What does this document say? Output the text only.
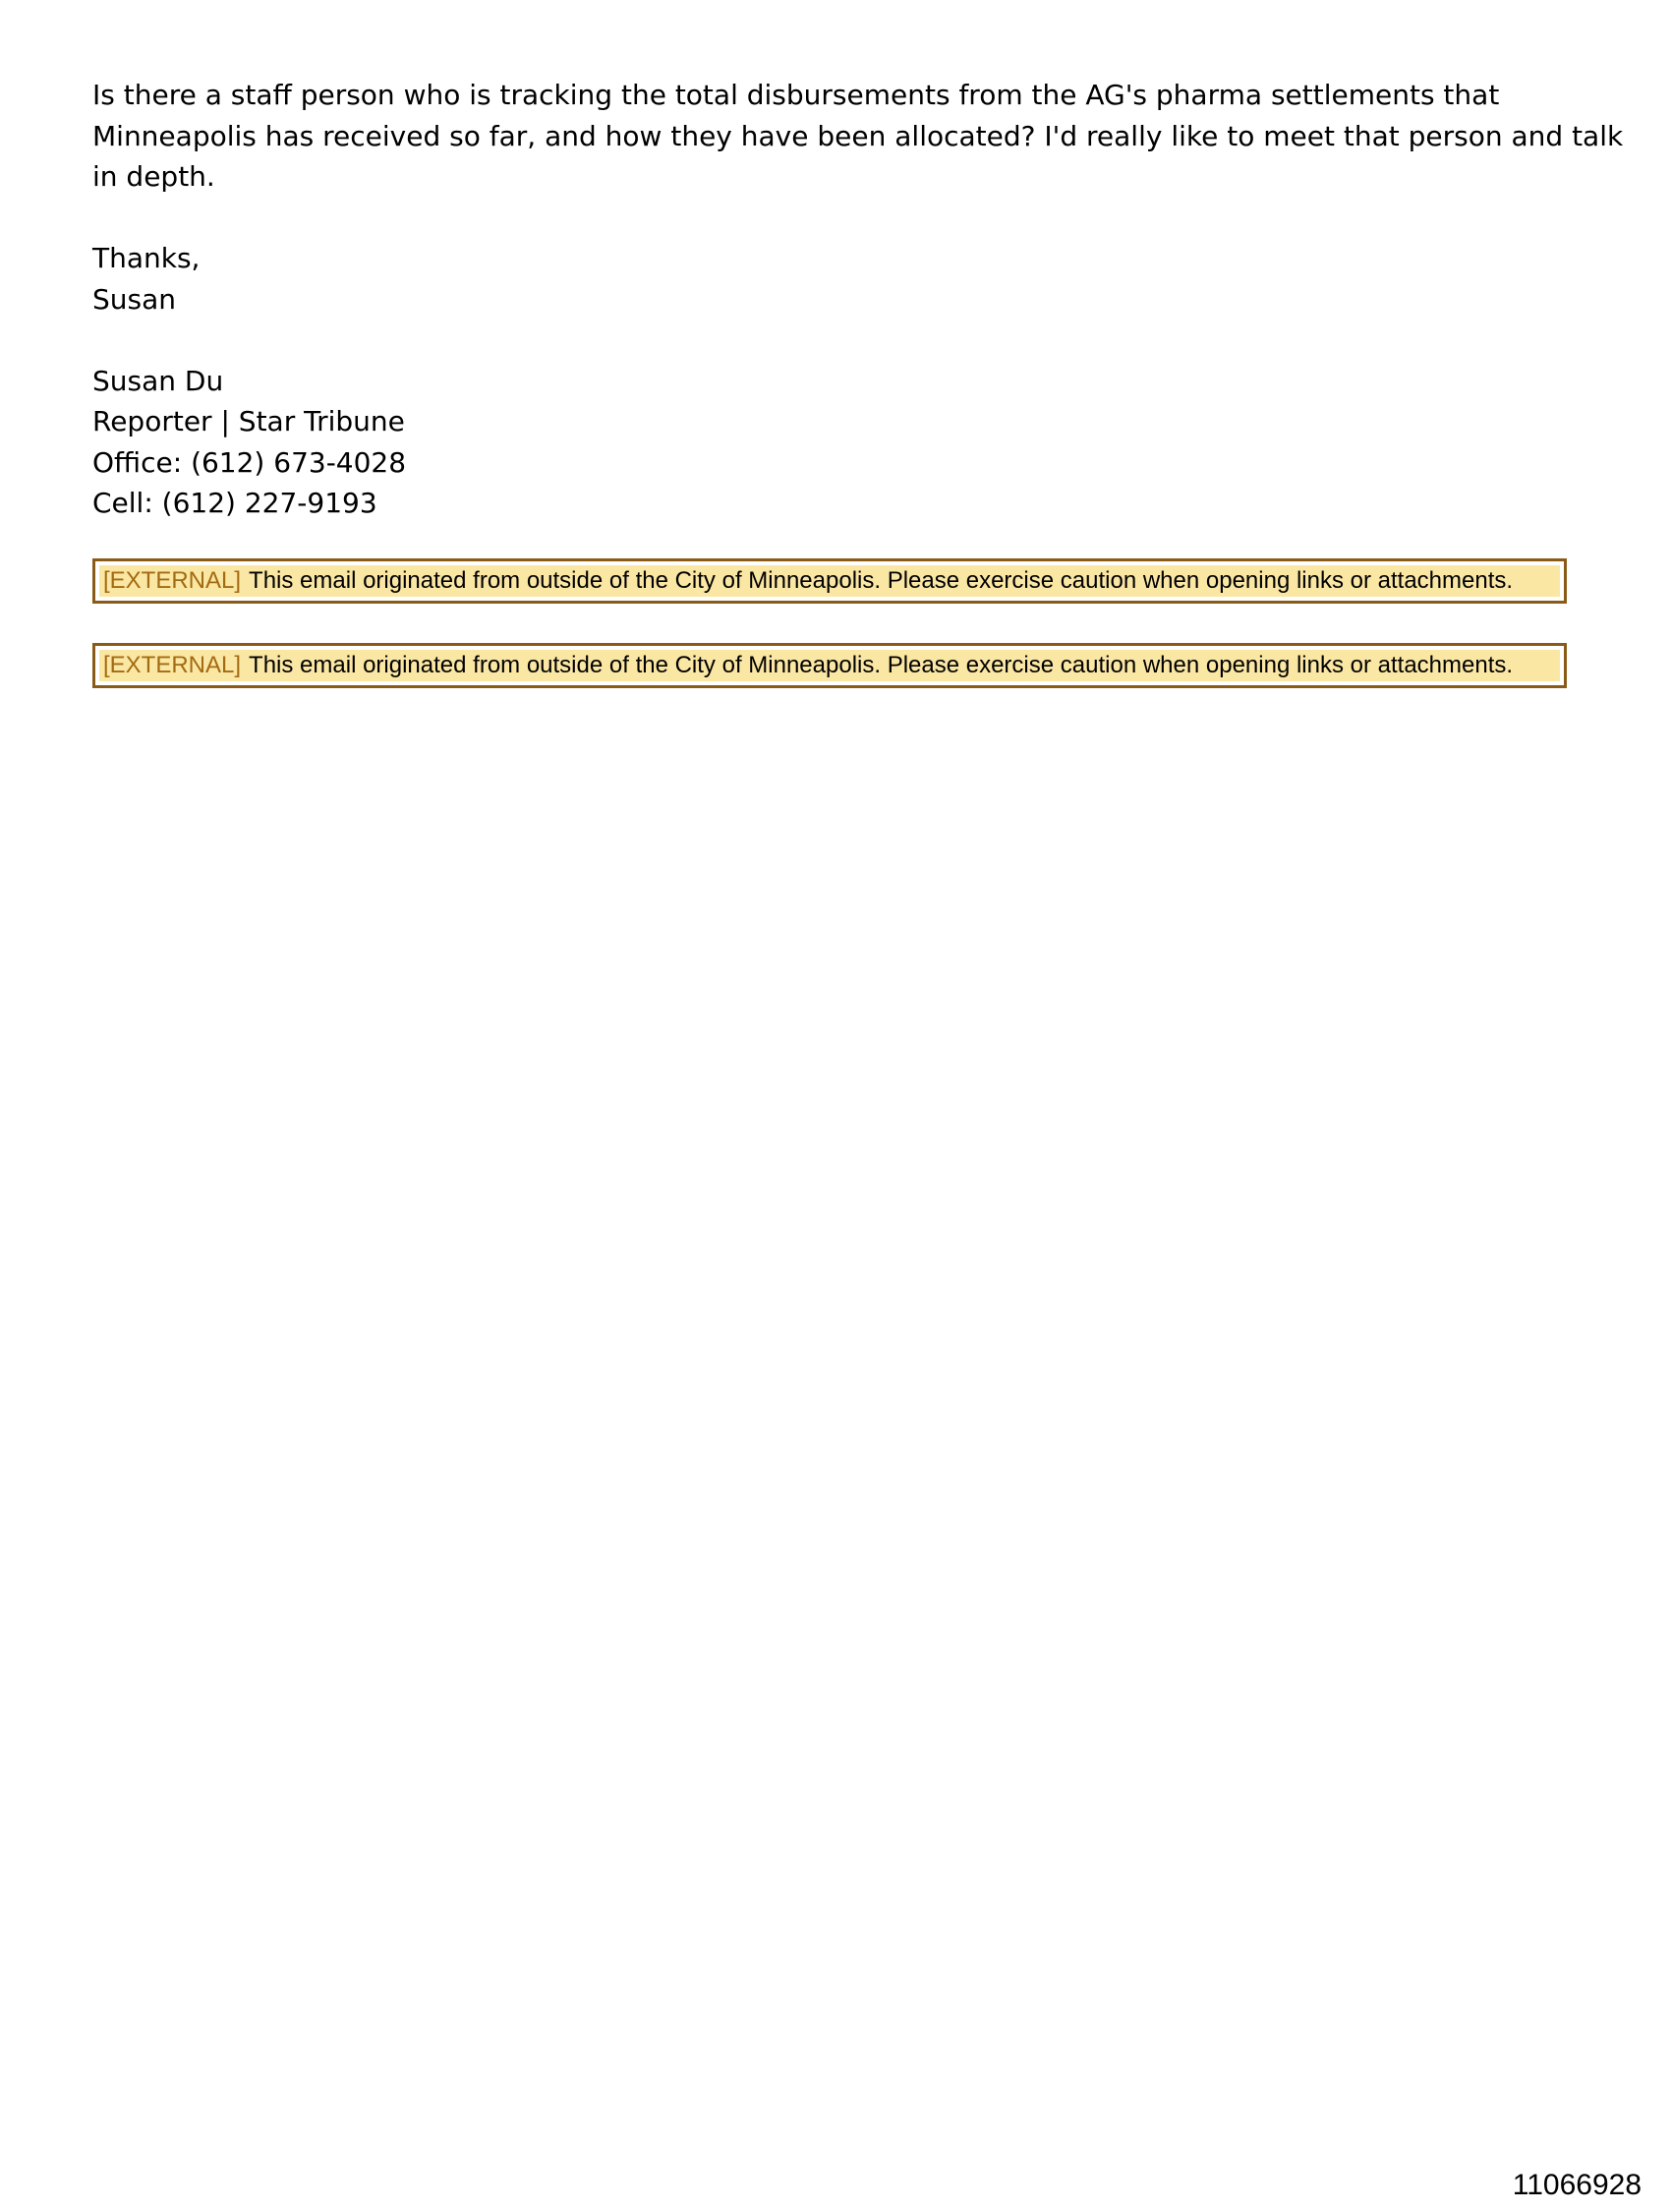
Is there a staff person who is tracking the total disbursements from the AG's pharma settlements that
Minneapolis has received so far, and how they have been allocated? I'd really like to meet that person and talk
in depth.
Thanks,
Susan
Susan Du
Reporter | Star Tribune
Office: (612) 673-4028
Cell: (612) 227-9193
[EXTERNAL] This email originated from outside of the City of Minneapolis. Please exercise caution when opening links or attachments.
[EXTERNAL] This email originated from outside of the City of Minneapolis. Please exercise caution when opening links or attachments.
11066928
